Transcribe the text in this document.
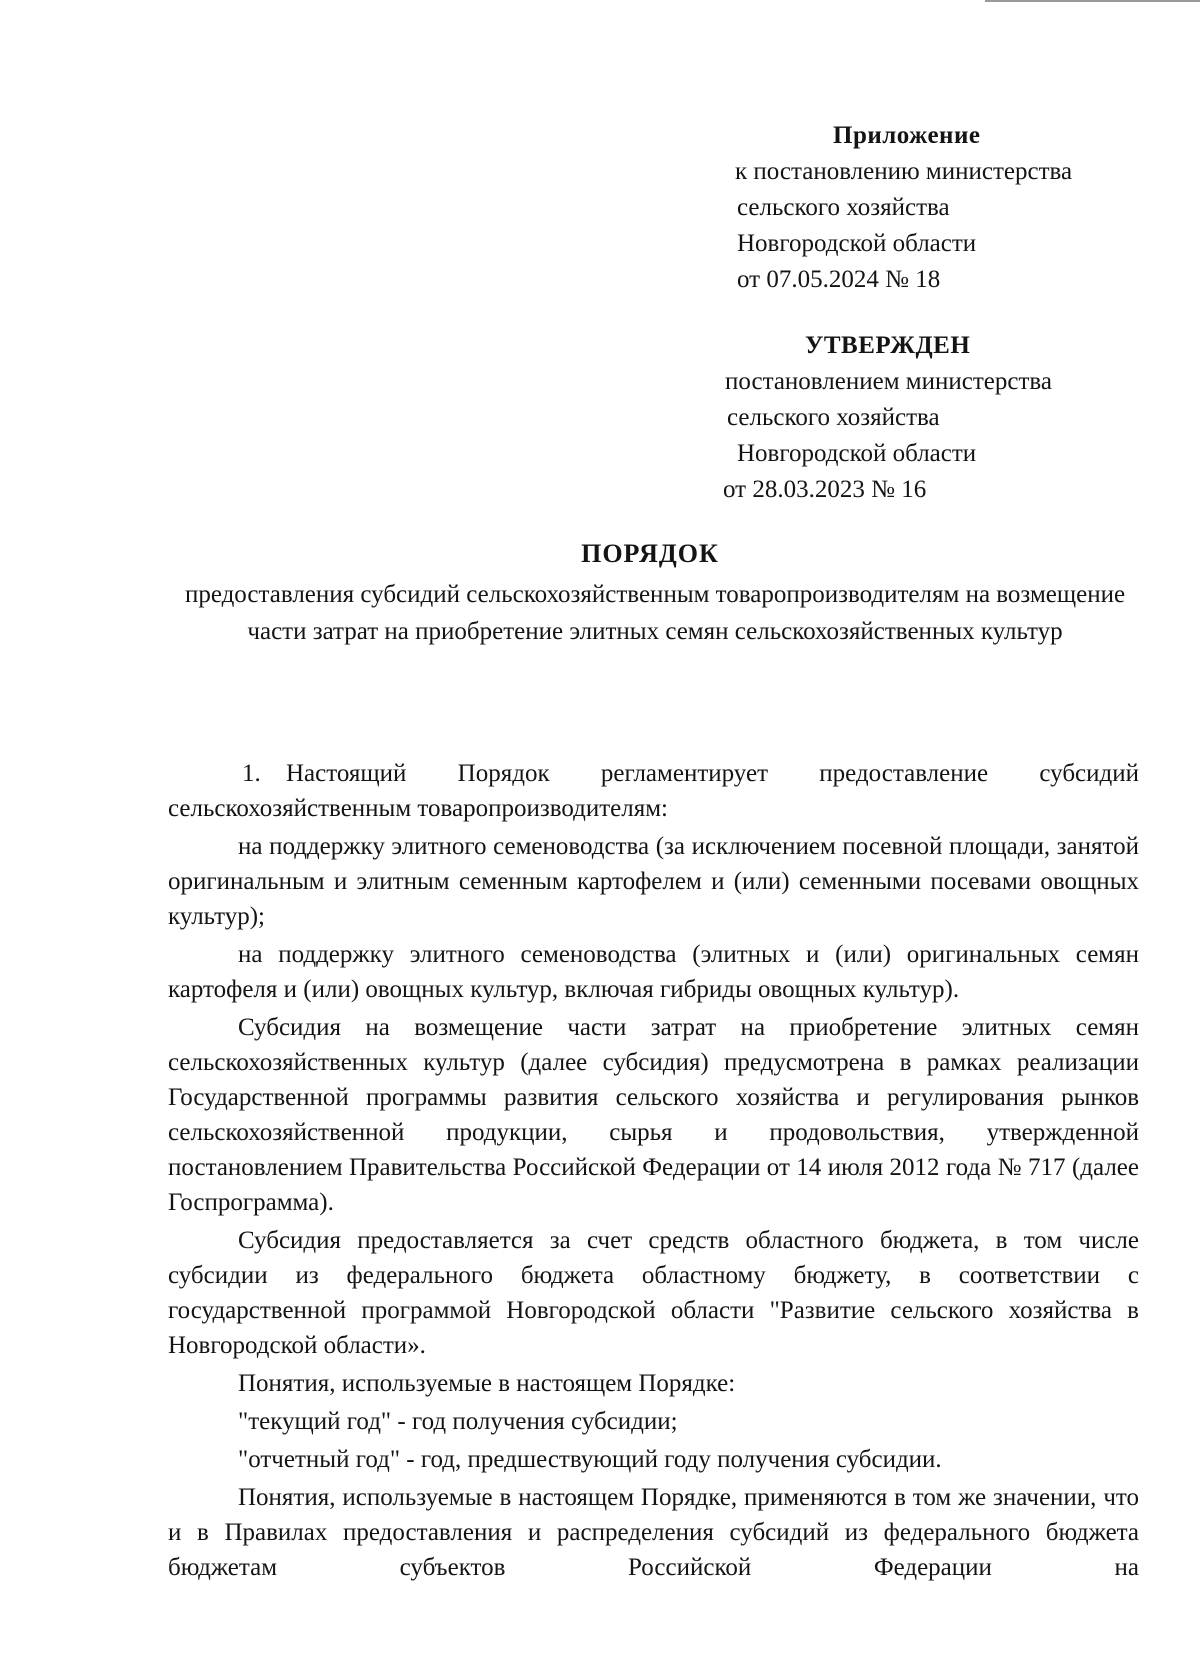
Приложение
к постановлению министерства
сельского хозяйства
Новгородской области
от 07.05.2024 № 18
УТВЕРЖДЕН
постановлением министерства
сельского хозяйства
Новгородской области
от 28.03.2023 № 16
ПОРЯДОК

предоставления субсидий сельскохозяйственным товаропроизводителям на возмещение части затрат на приобретение элитных семян сельскохозяйственных культур

1. Настоящий Порядок регламентирует предоставление субсидий сельскохозяйственным товаропроизводителям:

на поддержку элитного семеноводства (за исключением посевной площади, занятой оригинальным и элитным семенным картофелем и (или) семенными посевами овощных культур);

на поддержку элитного семеноводства (элитных и (или) оригинальных семян картофеля и (или) овощных культур, включая гибриды овощных культур).

Субсидия на возмещение части затрат на приобретение элитных семян сельскохозяйственных культур (далее субсидия) предусмотрена в рамках реализации Государственной программы развития сельского хозяйства и регулирования рынков сельскохозяйственной продукции, сырья и продовольствия, утвержденной постановлением Правительства Российской Федерации от 14 июля 2012 года № 717 (далее Госпрограмма).

Субсидия предоставляется за счет средств областного бюджета, в том числе субсидии из федерального бюджета областному бюджету, в соответствии с государственной программой Новгородской области "Развитие сельского хозяйства в Новгородской области».

Понятия, используемые в настоящем Порядке:

"текущий год" - год получения субсидии;

"отчетный год" - год, предшествующий году получения субсидии.

Понятия, используемые в настоящем Порядке, применяются в том же значении, что и в Правилах предоставления и распределения субсидий из федерального бюджета бюджетам субъектов Российской Федерации на
